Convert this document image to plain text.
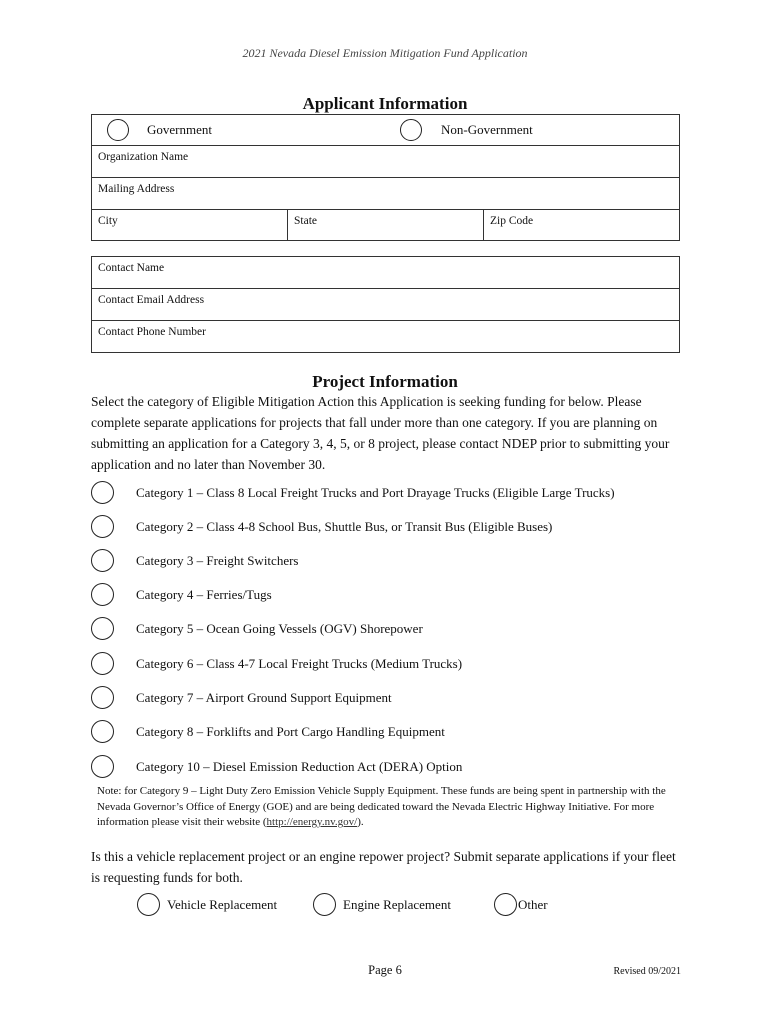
2021 Nevada Diesel Emission Mitigation Fund Application
Applicant Information
Government	Non-Government
Organization Name
Mailing Address
City	State	Zip Code
Contact Name
Contact Email Address
Contact Phone Number
Project Information
Select the category of Eligible Mitigation Action this Application is seeking funding for below. Please complete separate applications for projects that fall under more than one category. If you are planning on submitting an application for a Category 3, 4, 5, or 8 project, please contact NDEP prior to submitting your application and no later than November 30.
Category 1 – Class 8 Local Freight Trucks and Port Drayage Trucks (Eligible Large Trucks)
Category 2 – Class 4-8 School Bus, Shuttle Bus, or Transit Bus (Eligible Buses)
Category 3 – Freight Switchers
Category 4 – Ferries/Tugs
Category 5 – Ocean Going Vessels (OGV) Shorepower
Category 6 – Class 4-7 Local Freight Trucks (Medium Trucks)
Category 7 – Airport Ground Support Equipment
Category 8 – Forklifts and Port Cargo Handling Equipment
Category 10 – Diesel Emission Reduction Act (DERA) Option
Note: for Category 9 – Light Duty Zero Emission Vehicle Supply Equipment. These funds are being spent in partnership with the Nevada Governor’s Office of Energy (GOE) and are being dedicated toward the Nevada Electric Highway Initiative. For more information please visit their website (http://energy.nv.gov/).
Is this a vehicle replacement project or an engine repower project? Submit separate applications if your fleet is requesting funds for both.
Vehicle Replacement	Engine Replacement	Other
Page 6	Revised 09/2021
